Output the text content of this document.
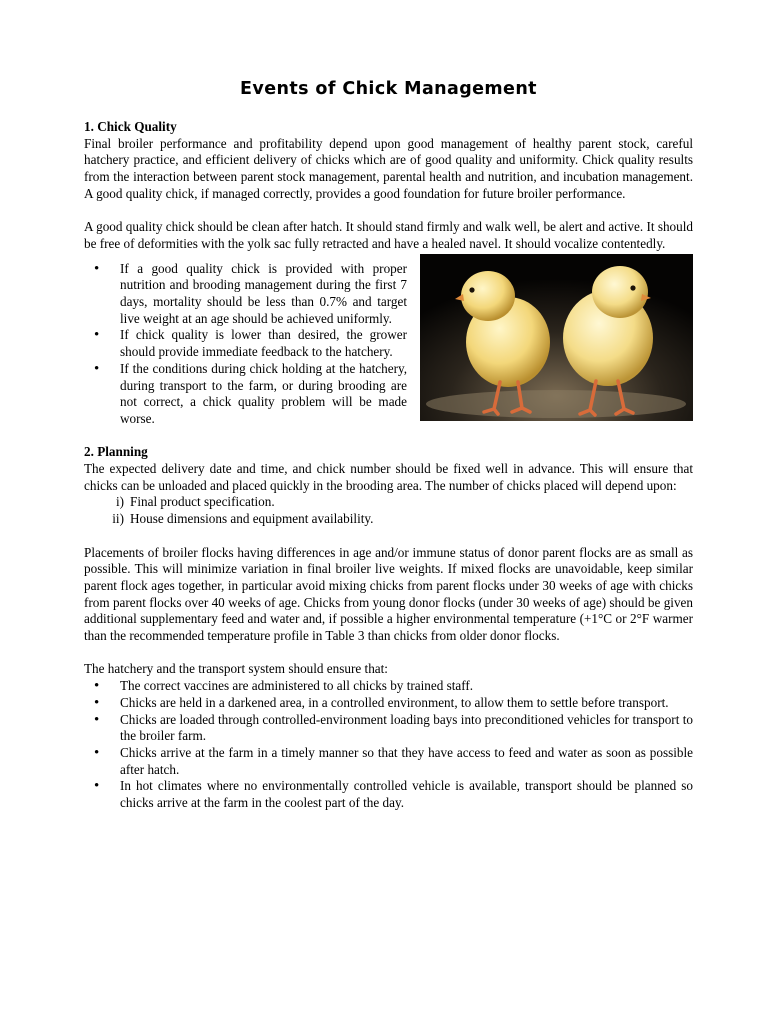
Events of Chick Management
1. Chick Quality

Final broiler performance and profitability depend upon good management of healthy parent stock, careful hatchery practice, and efficient delivery of chicks which are of good quality and uniformity. Chick quality results from the interaction between parent stock management, parental health and nutrition, and incubation management. A good quality chick, if managed correctly, provides a good foundation for future broiler performance.

A good quality chick should be clean after hatch. It should stand firmly and walk well, be alert and active. It should be free of deformities with the yolk sac fully retracted and have a healed navel. It should vocalize contentedly.

• If a good quality chick is provided with proper nutrition and brooding management during the first 7 days, mortality should be less than 0.7% and target live weight at an age should be achieved uniformly.
• If chick quality is lower than desired, the grower should provide immediate feedback to the hatchery.
• If the conditions during chick holding at the hatchery, during transport to the farm, or during brooding are not correct, a chick quality problem will be made worse.
2. Planning

The expected delivery date and time, and chick number should be fixed well in advance. This will ensure that chicks can be unloaded and placed quickly in the brooding area. The number of chicks placed will depend upon:

i) Final product specification.
ii) House dimensions and equipment availability.

Placements of broiler flocks having differences in age and/or immune status of donor parent flocks are as small as possible. This will minimize variation in final broiler live weights. If mixed flocks are unavoidable, keep similar parent flock ages together, in particular avoid mixing chicks from parent flocks under 30 weeks of age with chicks from parent flocks over 40 weeks of age. Chicks from young donor flocks (under 30 weeks of age) should be given additional supplementary feed and water and, if possible a higher environmental temperature (+1°C or 2°F warmer than the recommended temperature profile in Table 3 than chicks from older donor flocks.

The hatchery and the transport system should ensure that:

• The correct vaccines are administered to all chicks by trained staff.
• Chicks are held in a darkened area, in a controlled environment, to allow them to settle before transport.
• Chicks are loaded through controlled-environment loading bays into preconditioned vehicles for transport to the broiler farm.
• Chicks arrive at the farm in a timely manner so that they have access to feed and water as soon as possible after hatch.
• In hot climates where no environmentally controlled vehicle is available, transport should be planned so chicks arrive at the farm in the coolest part of the day.
